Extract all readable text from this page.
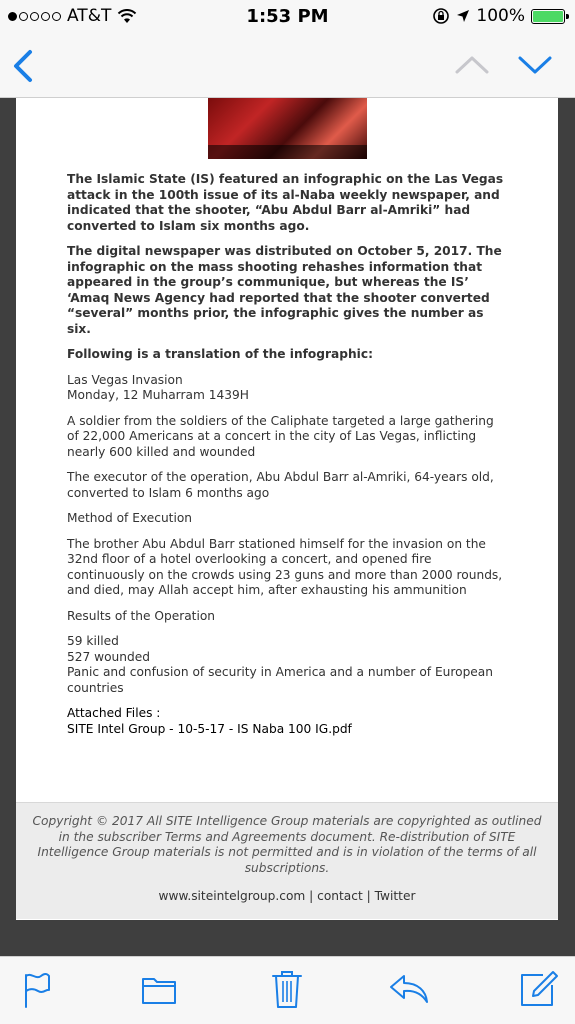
AT&T	1:53 PM	100%

The Islamic State (IS) featured an infographic on the Las Vegas attack in the 100th issue of its al-Naba weekly newspaper, and indicated that the shooter, “Abu Abdul Barr al-Amriki” had converted to Islam six months ago.

The digital newspaper was distributed on October 5, 2017. The infographic on the mass shooting rehashes information that appeared in the group’s communique, but whereas the IS’ ‘Amaq News Agency had reported that the shooter converted “several” months prior, the infographic gives the number as six.

Following is a translation of the infographic:

Las Vegas Invasion
Monday, 12 Muharram 1439H

A soldier from the soldiers of the Caliphate targeted a large gathering of 22,000 Americans at a concert in the city of Las Vegas, inflicting nearly 600 killed and wounded

The executor of the operation, Abu Abdul Barr al-Amriki, 64-years old, converted to Islam 6 months ago

Method of Execution

The brother Abu Abdul Barr stationed himself for the invasion on the 32nd floor of a hotel overlooking a concert, and opened fire continuously on the crowds using 23 guns and more than 2000 rounds, and died, may Allah accept him, after exhausting his ammunition

Results of the Operation

59 killed
527 wounded
Panic and confusion of security in America and a number of European countries

Attached Files :
SITE Intel Group - 10-5-17 - IS Naba 100 IG.pdf

Copyright © 2017 All SITE Intelligence Group materials are copyrighted as outlined in the subscriber Terms and Agreements document. Re-distribution of SITE Intelligence Group materials is not permitted and is in violation of the terms of all subscriptions.
www.siteintelgroup.com | contact | Twitter
